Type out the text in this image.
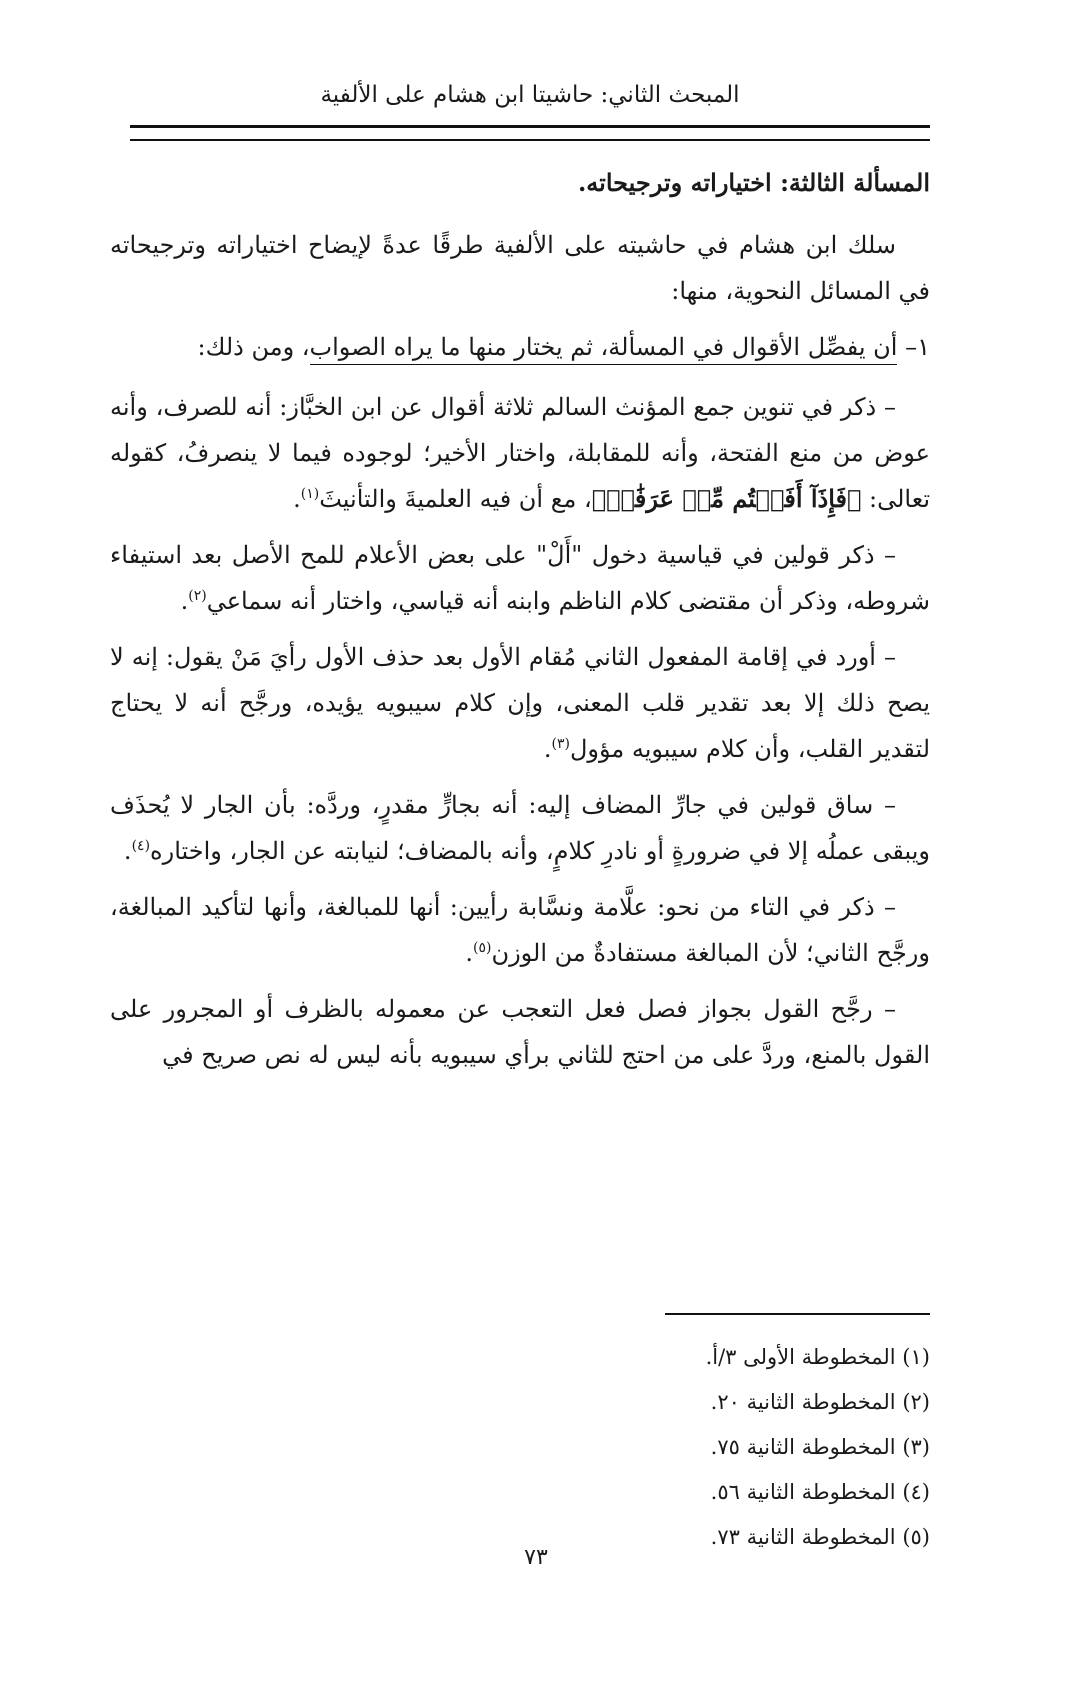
المبحث الثاني: حاشيتا ابن هشام على الألفية

المسألة الثالثة: اختياراته وترجيحاته.

سلك ابن هشام في حاشيته على الألفية طرقًا عدةً لإيضاح اختياراته وترجيحاته في المسائل النحوية، منها:

١– أن يفصِّل الأقوال في المسألة، ثم يختار منها ما يراه الصواب، ومن ذلك:

– ذكر في تنوين جمع المؤنث السالم ثلاثة أقوال عن ابن الخبَّاز: أنه للصرف، وأنه عوض من منع الفتحة، وأنه للمقابلة، واختار الأخير؛ لوجوده فيما لا ينصرفُ، كقوله تعالى: ﴿فَإِذَآ أَفَضۡتُم مِّنۡ عَرَفَٰتٖ﴾، مع أن فيه العلميةَ والتأنيثَ$^{(١)}$.

– ذكر قولين في قياسية دخول "أَلْ" على بعض الأعلام للمح الأصل بعد استيفاء شروطه، وذكر أن مقتضى كلام الناظم وابنه أنه قياسي، واختار أنه سماعي$^{(٢)}$.

– أورد في إقامة المفعول الثاني مُقام الأول بعد حذف الأول رأيَ مَنْ يقول: إنه لا يصح ذلك إلا بعد تقدير قلب المعنى، وإن كلام سيبويه يؤيده، ورجَّح أنه لا يحتاج لتقدير القلب، وأن كلام سيبويه مؤول$^{(٣)}$.

– ساق قولين في جارِّ المضاف إليه: أنه بجارٍّ مقدرٍ، وردَّه: بأن الجار لا يُحذَف ويبقى عملُه إلا في ضرورةٍ أو نادرِ كلامٍ، وأنه بالمضاف؛ لنيابته عن الجار، واختاره$^{(٤)}$.

– ذكر في التاء من نحو: علَّامة ونسَّابة رأيين: أنها للمبالغة، وأنها لتأكيد المبالغة، ورجَّح الثاني؛ لأن المبالغة مستفادةٌ من الوزن$^{(٥)}$.

– رجَّح القول بجواز فصل فعل التعجب عن معموله بالظرف أو المجرور على القول بالمنع، وردَّ على من احتج للثاني برأي سيبويه بأنه ليس له نص صريح في

(١) المخطوطة الأولى ٣/أ.

(٢) المخطوطة الثانية ٢٠.

(٣) المخطوطة الثانية ٧٥.

(٤) المخطوطة الثانية ٥٦.

(٥) المخطوطة الثانية ٧٣.

٧٣
